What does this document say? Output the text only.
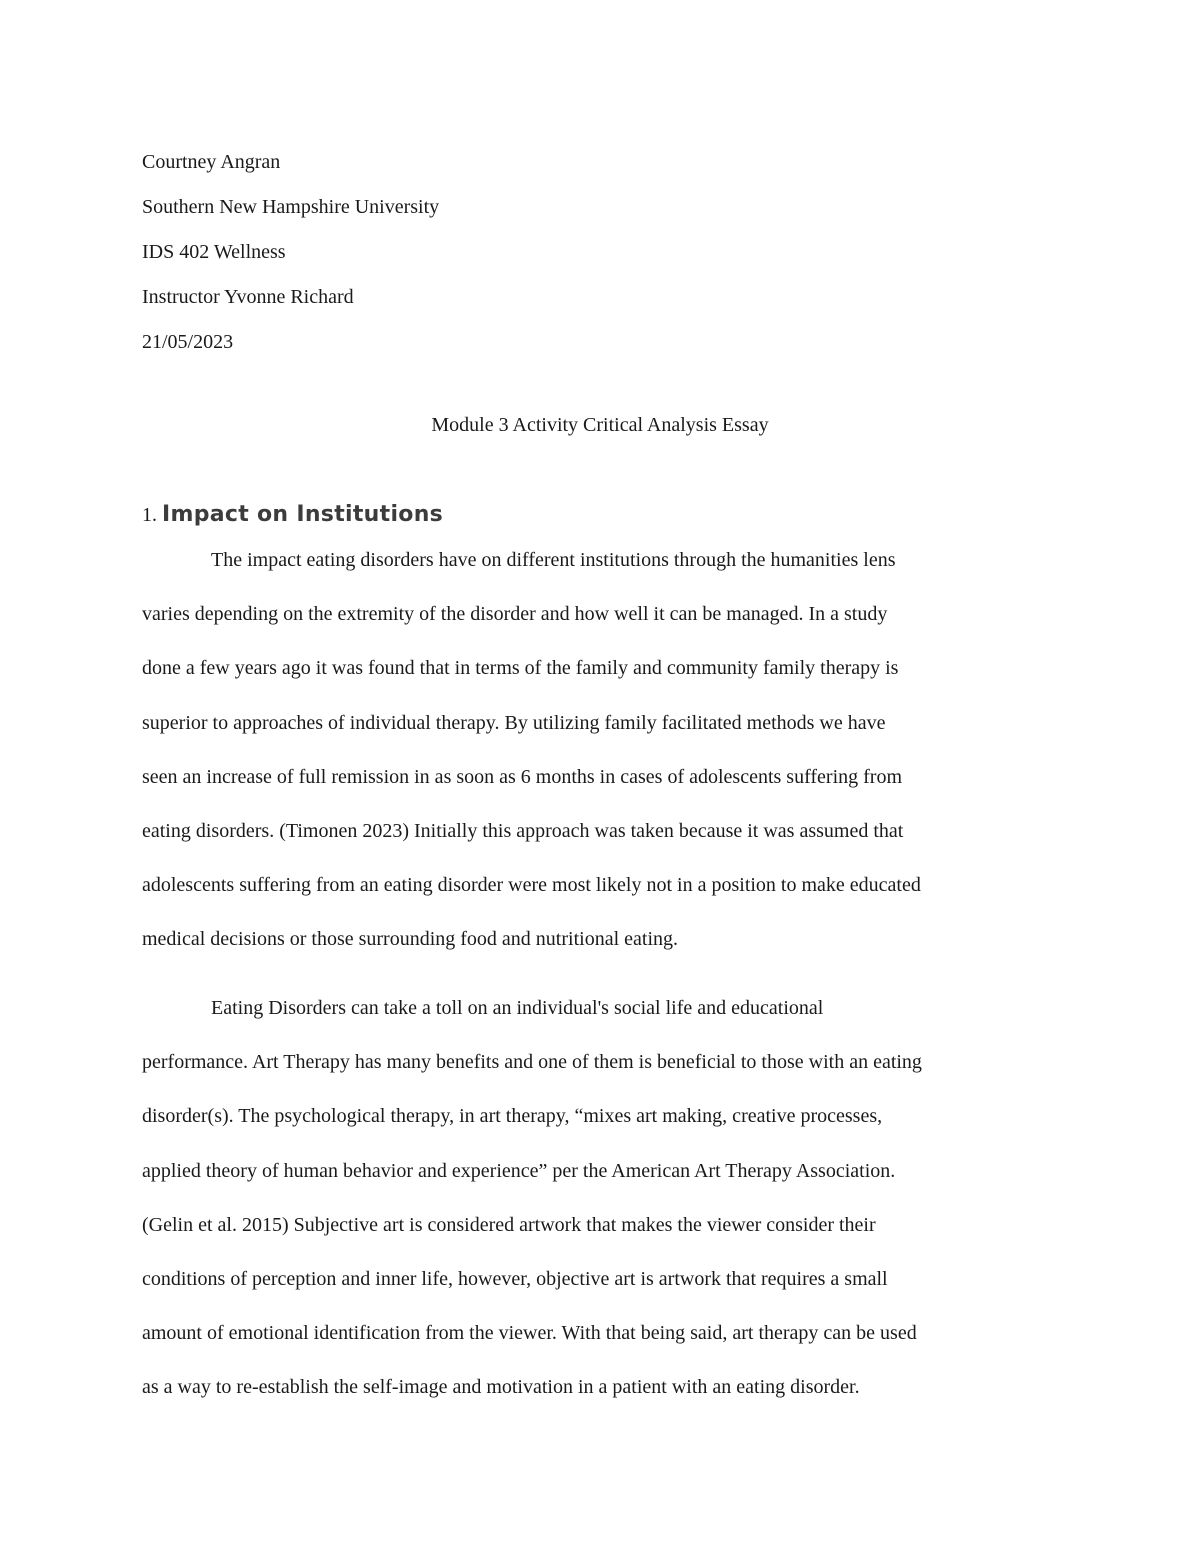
Courtney Angran
Southern New Hampshire University
IDS 402 Wellness
Instructor Yvonne Richard
21/05/2023
Module 3 Activity Critical Analysis Essay
1. Impact on Institutions
The impact eating disorders have on different institutions through the humanities lens
varies depending on the extremity of the disorder and how well it can be managed. In a study
done a few years ago it was found that in terms of the family and community family therapy is
superior to approaches of individual therapy. By utilizing family facilitated methods we have
seen an increase of full remission in as soon as 6 months in cases of adolescents suffering from
eating disorders. (Timonen 2023) Initially this approach was taken because it was assumed that
adolescents suffering from an eating disorder were most likely not in a position to make educated
medical decisions or those surrounding food and nutritional eating.
Eating Disorders can take a toll on an individual's social life and educational
performance. Art Therapy has many benefits and one of them is beneficial to those with an eating
disorder(s). The psychological therapy, in art therapy, “mixes art making, creative processes,
applied theory of human behavior and experience” per the American Art Therapy Association.
(Gelin et al. 2015) Subjective art is considered artwork that makes the viewer consider their
conditions of perception and inner life, however, objective art is artwork that requires a small
amount of emotional identification from the viewer. With that being said, art therapy can be used
as a way to re-establish the self-image and motivation in a patient with an eating disorder.
